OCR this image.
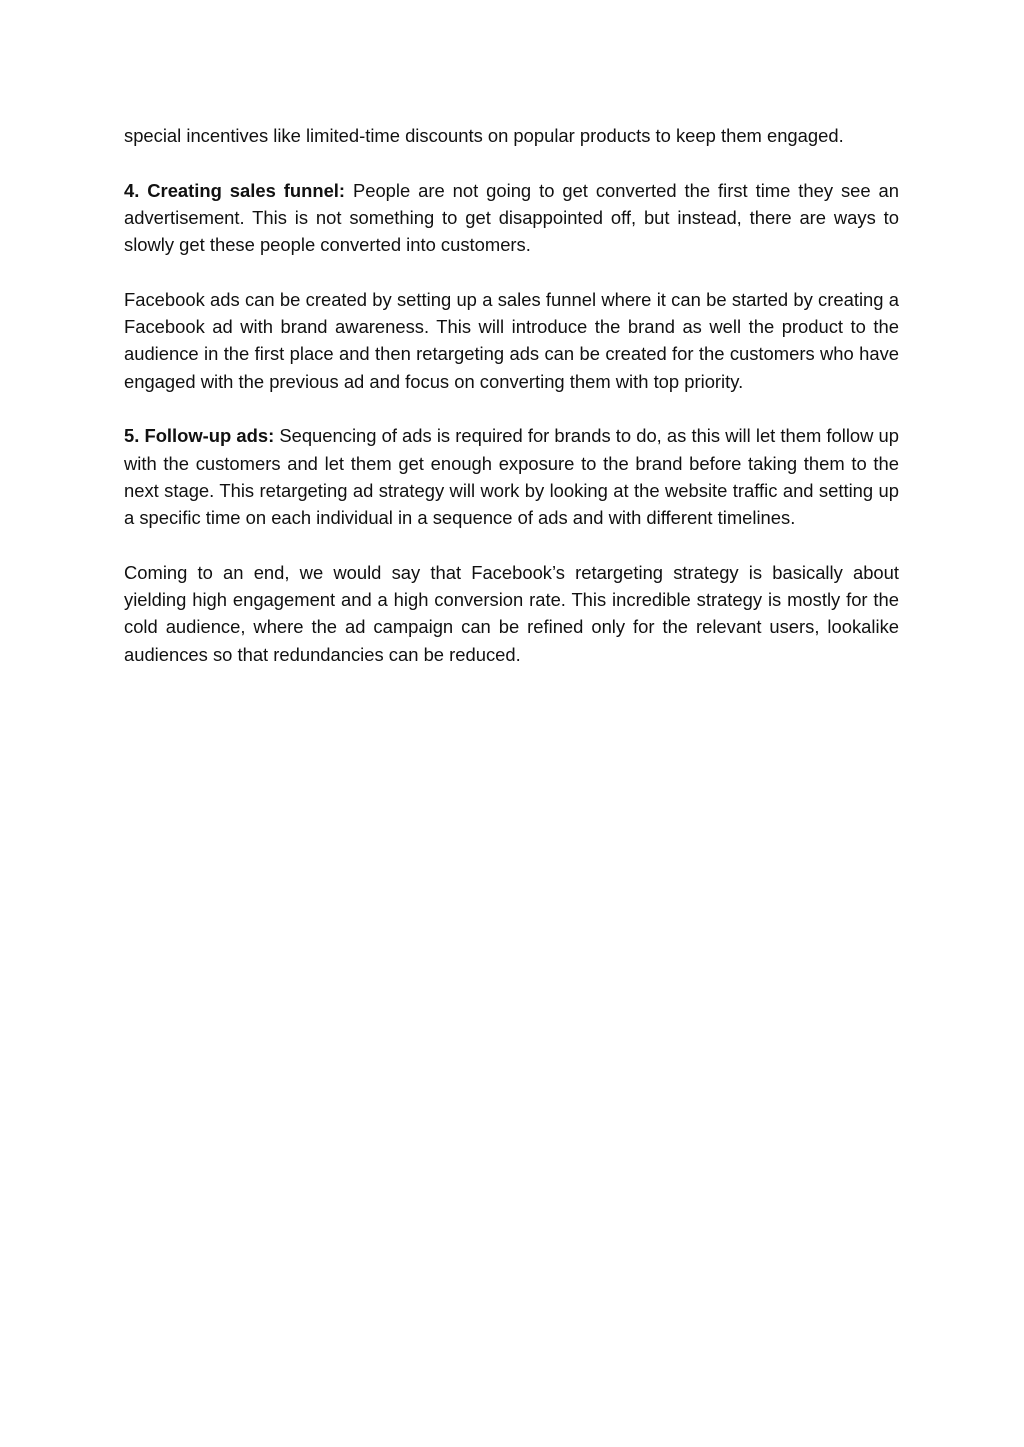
special incentives like limited-time discounts on popular products to keep them engaged.

4. Creating sales funnel: People are not going to get converted the first time they see an advertisement. This is not something to get disappointed off, but instead, there are ways to slowly get these people converted into customers.

Facebook ads can be created by setting up a sales funnel where it can be started by creating a Facebook ad with brand awareness. This will introduce the brand as well the product to the audience in the first place and then retargeting ads can be created for the customers who have engaged with the previous ad and focus on converting them with top priority.

5. Follow-up ads: Sequencing of ads is required for brands to do, as this will let them follow up with the customers and let them get enough exposure to the brand before taking them to the next stage. This retargeting ad strategy will work by looking at the website traffic and setting up a specific time on each individual in a sequence of ads and with different timelines.

Coming to an end, we would say that Facebook’s retargeting strategy is basically about yielding high engagement and a high conversion rate. This incredible strategy is mostly for the cold audience, where the ad campaign can be refined only for the relevant users, lookalike audiences so that redundancies can be reduced.
